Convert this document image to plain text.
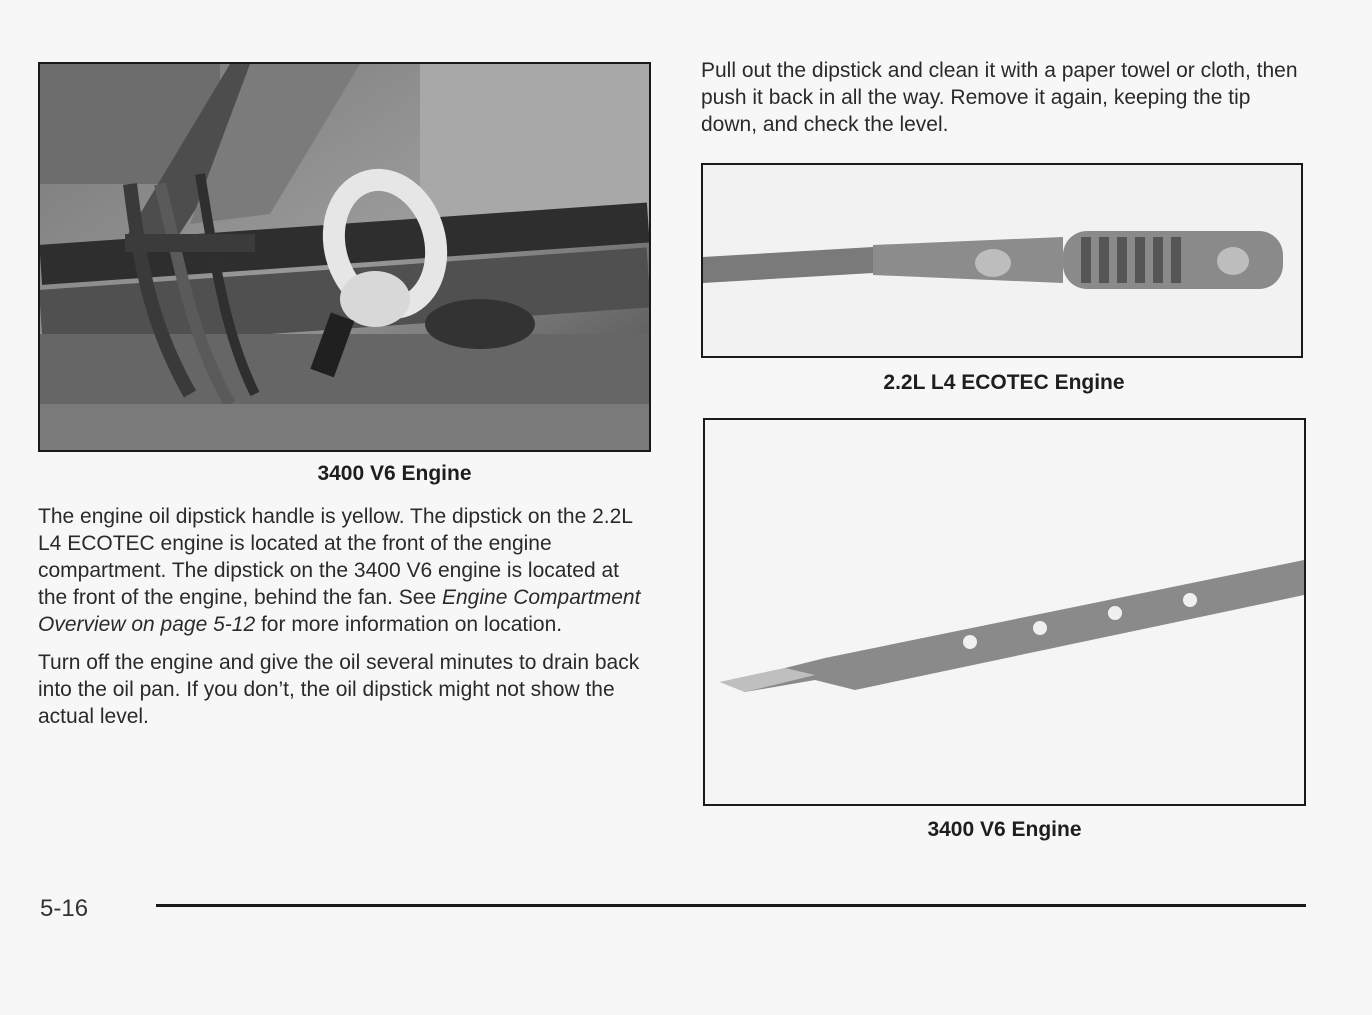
3400 V6 Engine

The engine oil dipstick handle is yellow. The dipstick on the 2.2L L4 ECOTEC engine is located at the front of the engine compartment. The dipstick on the 3400 V6 engine is located at the front of the engine, behind the fan. See Engine Compartment Overview on page 5-12 for more information on location.

Turn off the engine and give the oil several minutes to drain back into the oil pan. If you don’t, the oil dipstick might not show the actual level.

Pull out the dipstick and clean it with a paper towel or cloth, then push it back in all the way. Remove it again, keeping the tip down, and check the level.

2.2L L4 ECOTEC Engine
3400 V6 Engine
5-16
